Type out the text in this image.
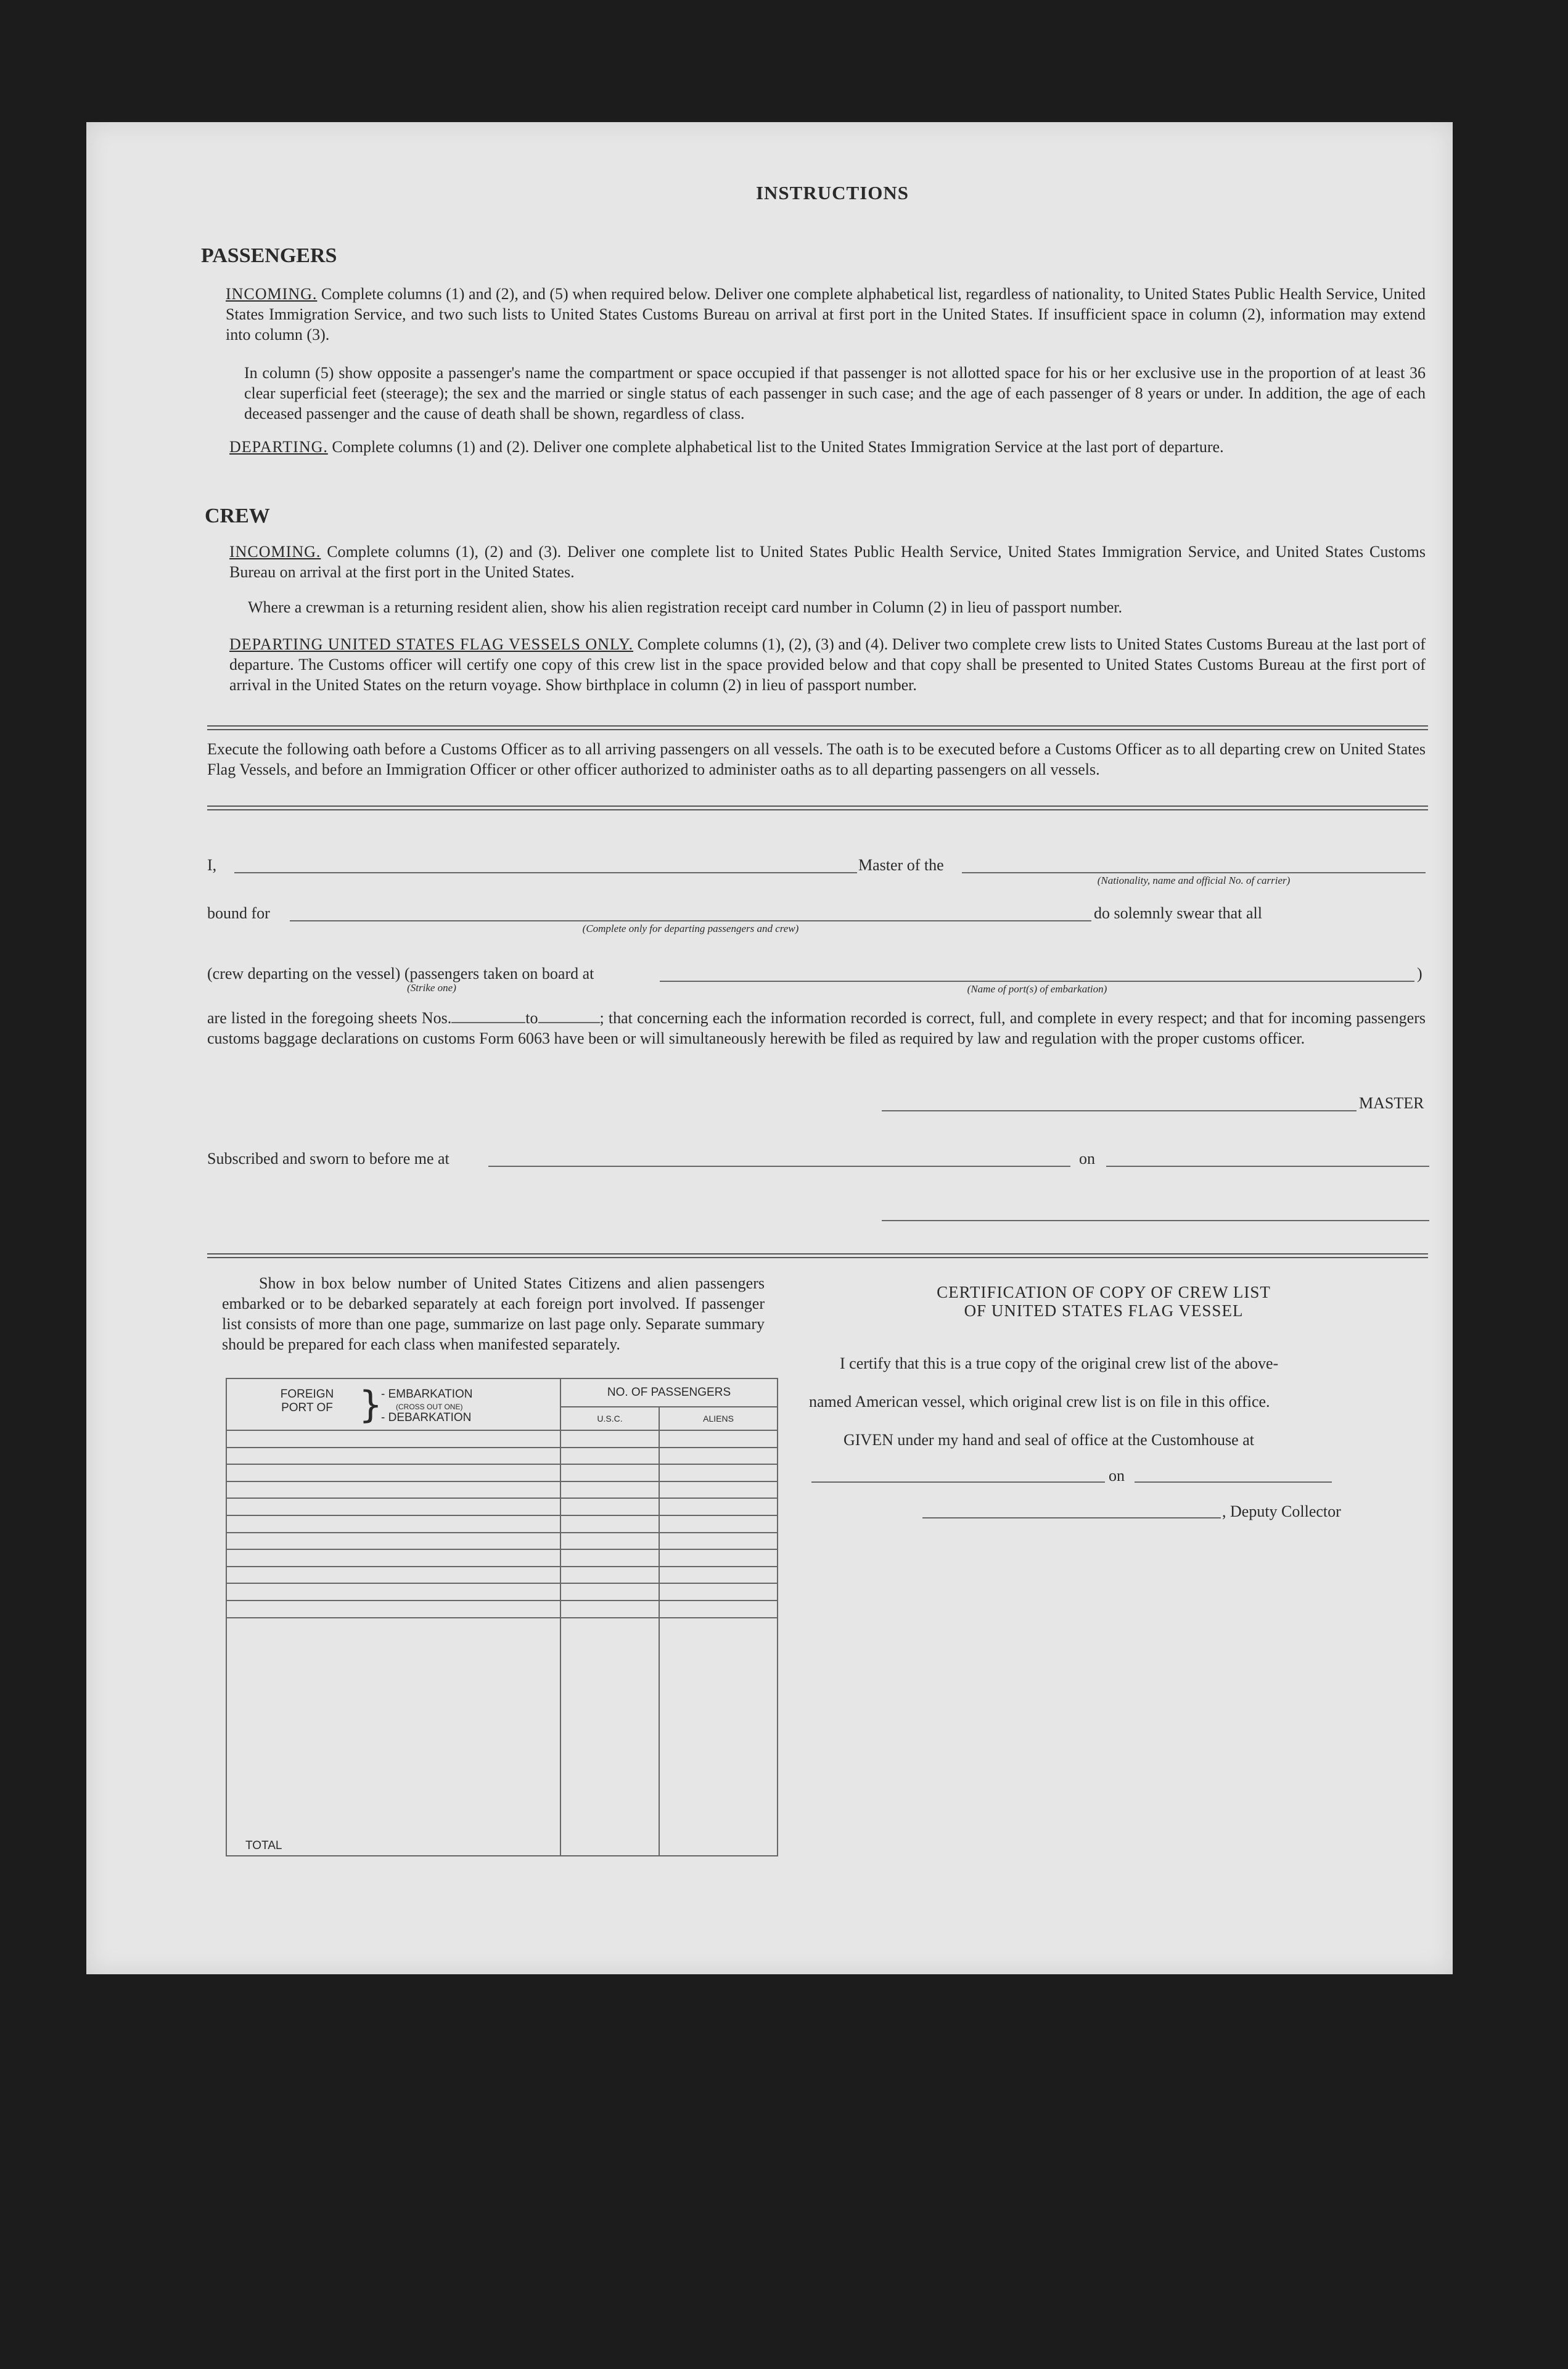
INSTRUCTIONS
PASSENGERS
INCOMING. Complete columns (1) and (2), and (5) when required below. Deliver one complete alphabetical list, regardless of nationality, to United States Public Health Service, United States Immigration Service, and two such lists to United States Customs Bureau on arrival at first port in the United States. If insufficient space in column (2), information may extend into column (3).
In column (5) show opposite a passenger's name the compartment or space occupied if that passenger is not allotted space for his or her exclusive use in the proportion of at least 36 clear superficial feet (steerage); the sex and the married or single status of each passenger in such case; and the age of each passenger of 8 years or under. In addition, the age of each deceased passenger and the cause of death shall be shown, regardless of class.
DEPARTING. Complete columns (1) and (2). Deliver one complete alphabetical list to the United States Immigration Service at the last port of departure.
CREW
INCOMING. Complete columns (1), (2) and (3). Deliver one complete list to United States Public Health Service, United States Immigration Service, and United States Customs Bureau on arrival at the first port in the United States.
Where a crewman is a returning resident alien, show his alien registration receipt card number in Column (2) in lieu of passport number.
DEPARTING UNITED STATES FLAG VESSELS ONLY. Complete columns (1), (2), (3) and (4). Deliver two complete crew lists to United States Customs Bureau at the last port of departure. The Customs officer will certify one copy of this crew list in the space provided below and that copy shall be presented to United States Customs Bureau at the first port of arrival in the United States on the return voyage. Show birthplace in column (2) in lieu of passport number.
Execute the following oath before a Customs Officer as to all arriving passengers on all vessels. The oath is to be executed before a Customs Officer as to all departing crew on United States Flag Vessels, and before an Immigration Officer or other officer authorized to administer oaths as to all departing passengers on all vessels.
I,	Master of the
(Nationality, name and official No. of carrier)
bound for
(Complete only for departing passengers and crew)
do solemnly swear that all
(crew departing on the vessel) (passengers taken on board at
(Strike one)
)
(Name of port(s) of embarkation)
are listed in the foregoing sheets Nos.	to	; that concerning each the information recorded is correct, full, and complete in every respect; and that for incoming passengers customs baggage declarations on customs Form 6063 have been or will simultaneously herewith be filed as required by law and regulation with the proper customs officer.
MASTER
Subscribed and sworn to before me at	on
Show in box below number of United States Citizens and alien passengers embarked or to be debarked separately at each foreign port involved. If passenger list consists of more than one page, summarize on last page only. Separate summary should be prepared for each class when manifested separately.
FOREIGN PORT OF }
- EMBARKATION
(CROSS OUT ONE)
- DEBARKATION	NO. OF PASSENGERS	
	U.S.C.	ALIENS

TOTAL		
CERTIFICATION OF COPY OF CREW LIST
OF UNITED STATES FLAG VESSEL
I certify that this is a true copy of the original crew list of the above-
named American vessel, which original crew list is on file in this office.
GIVEN under my hand and seal of office at the Customhouse at
on
, Deputy Collector
